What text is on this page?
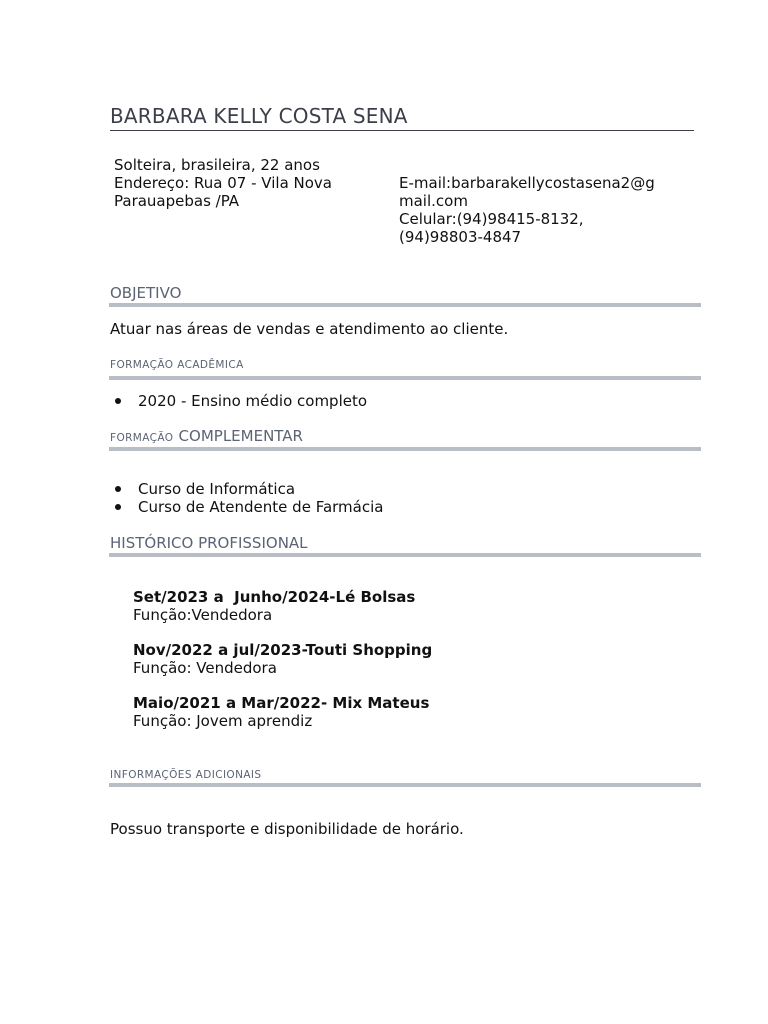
BARBARA KELLY COSTA SENA
Solteira, brasileira, 22 anos
Endereço: Rua 07 - Vila Nova
Parauapebas /PA
E-mail:barbarakellycostasena2@g
mail.com
Celular:(94)98415-8132,
(94)98803-4847
OBJETIVO
Atuar nas áreas de vendas e atendimento ao cliente.
FORMAÇÃO ACADÊMICA
2020 - Ensino médio completo
FORMAÇÃO COMPLEMENTAR
Curso de Informática
Curso de Atendente de Farmácia
HISTÓRICO PROFISSIONAL
Set/2023 a  Junho/2024-Lé Bolsas
Função:Vendedora
Nov/2022 a jul/2023-Touti Shopping
Função: Vendedora
Maio/2021 a Mar/2022- Mix Mateus
Função: Jovem aprendiz
INFORMAÇÕES ADICIONAIS
Possuo transporte e disponibilidade de horário.
